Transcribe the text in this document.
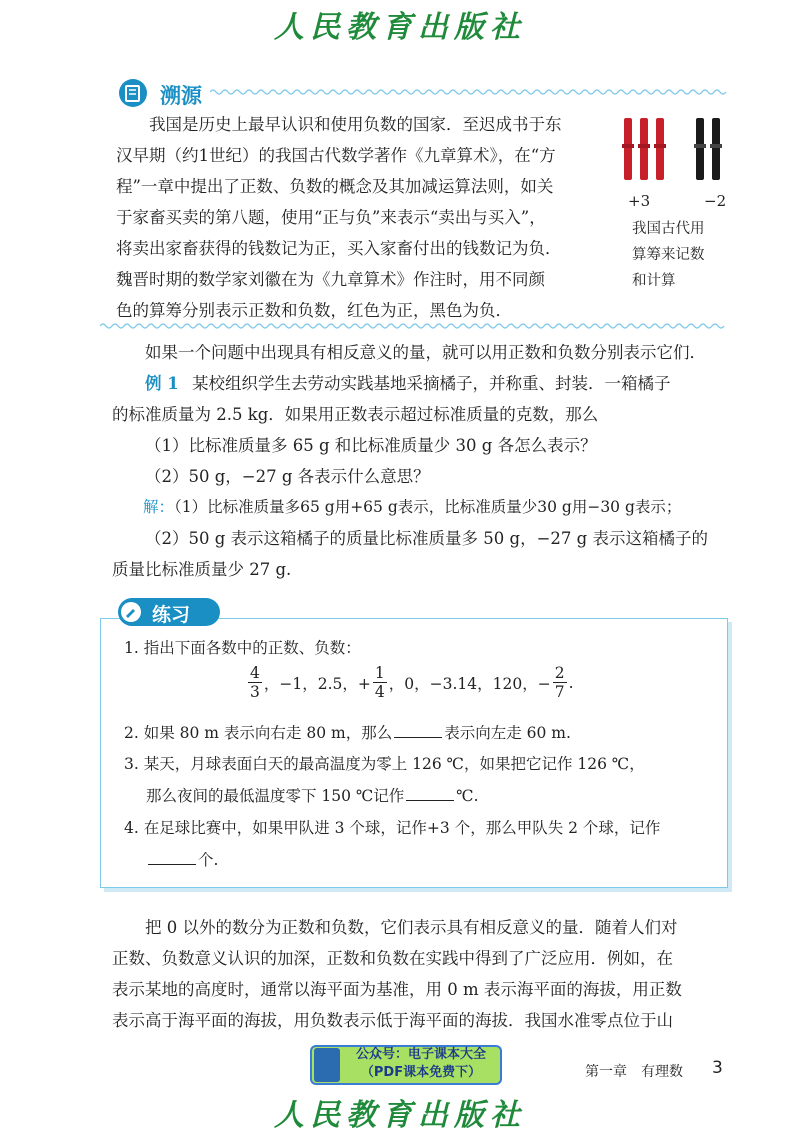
人民教育出版社
溯源
我国是历史上最早认识和使用负数的国家．至迟成书于东
汉早期（约1世纪）的我国古代数学著作《九章算术》，在“方
程”一章中提出了正数、负数的概念及其加减运算法则，如关
于家畜买卖的第八题，使用“正与负”来表示“卖出与买入”，
将卖出家畜获得的钱数记为正，买入家畜付出的钱数记为负．
魏晋时期的数学家刘徽在为《九章算术》作注时，用不同颜
色的算筹分别表示正数和负数，红色为正，黑色为负．
+3	−2
我国古代用
算筹来记数
和计算
如果一个问题中出现具有相反意义的量，就可以用正数和负数分别表示它们．
例 1 某校组织学生去劳动实践基地采摘橘子，并称重、封装．一箱橘子
的标准质量为 2.5 kg．如果用正数表示超过标准质量的克数，那么
（1）比标准质量多 65 g 和比标准质量少 30 g 各怎么表示？
（2）50 g，−27 g 各表示什么意思？
解：（1）比标准质量多65 g用+65 g表示，比标准质量少30 g用−30 g表示；
（2）50 g 表示这箱橘子的质量比标准质量多 50 g，−27 g 表示这箱橘子的
质量比标准质量少 27 g.
练习
1. 指出下面各数中的正数、负数：
$\frac{4}{3}$ ，−1，2.5，+ $\frac{1}{4}$ ，0，−3.14，120，− $\frac{2}{7}$ .
2. 如果 80 m 表示向右走 80 m，那么	表示向左走 60 m.
3. 某天，月球表面白天的最高温度为零上 126 ℃，如果把它记作 126 ℃，
那么夜间的最低温度零下 150 ℃记作	℃.
4. 在足球比赛中，如果甲队进 3 个球，记作+3 个，那么甲队失 2 个球，记作
个.
把 0 以外的数分为正数和负数，它们表示具有相反意义的量．随着人们对
正数、负数意义认识的加深，正数和负数在实践中得到了广泛应用．例如，在
表示某地的高度时，通常以海平面为基准，用 0 m 表示海平面的海拔，用正数
表示高于海平面的海拔，用负数表示低于海平面的海拔．我国水准零点位于山
公众号：电子课本大全
（PDF课本免费下）	第一章　有理数 3
人民教育出版社
